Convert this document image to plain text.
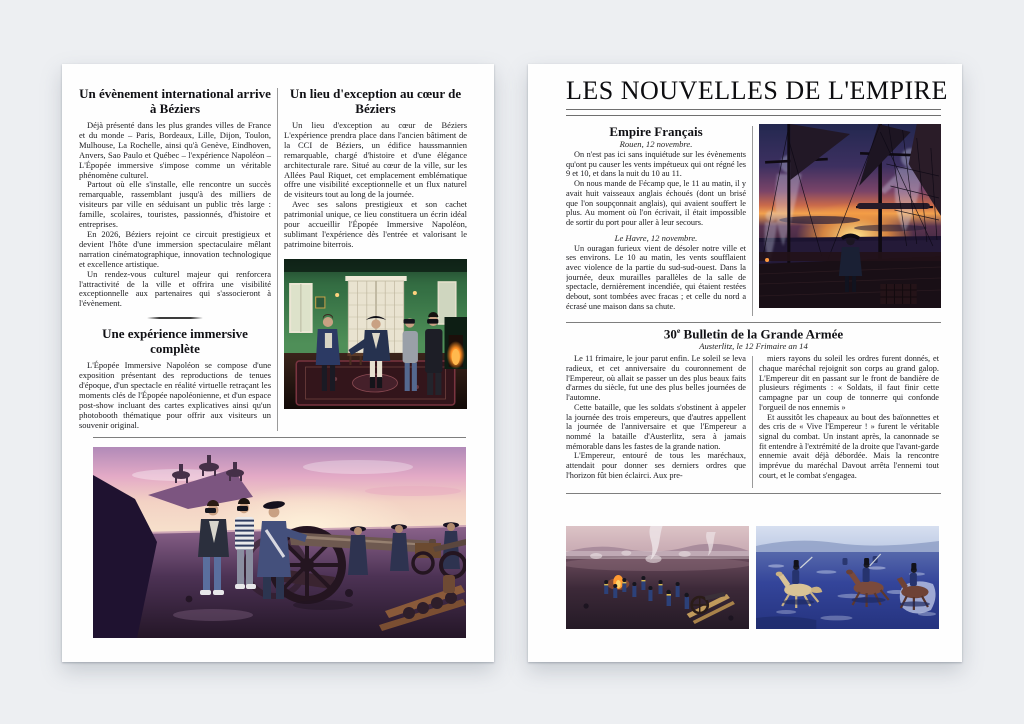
Un évènement international arrive à Béziers

Déjà présenté dans les plus grandes villes de France et du monde – Paris, Bordeaux, Lille, Dijon, Toulon, Mulhouse, La Rochelle, ainsi qu'à Genève, Eindhoven, Anvers, Sao Paulo et Québec – l'expérience Napoléon – L'Épopée immersive s'impose comme un véritable phénomène culturel.

Partout où elle s'installe, elle rencontre un succès remarquable, rassemblant jusqu'à des milliers de visiteurs par ville en séduisant un public très large : famille, scolaires, touristes, passionnés, d'histoire et entreprises.

En 2026, Béziers rejoint ce circuit prestigieux et devient l'hôte d'une immersion spectaculaire mêlant narration cinématographique, innovation technologique et excellence artistique.

Un rendez-vous culturel majeur qui renforcera l'attractivité de la ville et offrira une visibilité exceptionnelle aux partenaires qui s'associeront à l'évènement.

Une expérience immersive complète

L'Épopée Immersive Napoléon se compose d'une exposition présentant des reproductions de tenues d'époque, d'un spectacle en réalité virtuelle retraçant les moments clés de l'Épopée napoléonienne, et d'un espace post-show incluant des cartes explicatives ainsi qu'un photobooth thématique pour offrir aux visiteurs un souvenir original.

Un lieu d'exception au cœur de Béziers

Un lieu d'exception au cœur de Béziers L'expérience prendra place dans l'ancien bâtiment de la CCI de Béziers, un édifice haussmannien remarquable, chargé d'histoire et d'une élégance architecturale rare. Situé au cœur de la ville, sur les Allées Paul Riquet, cet emplacement emblématique offre une visibilité exceptionnelle et un flux naturel de visiteurs tout au long de la journée.

Avec ses salons prestigieux et son cachet patrimonial unique, ce lieu constituera un écrin idéal pour accueillir l'Épopée Immersive Napoléon, sublimant l'expérience dès l'entrée et valorisant le patrimoine biterrois.

LES NOUVELLES DE L'EMPIRE
Empire Français
Rouen, 12 novembre.

On n'est pas ici sans inquiétude sur les évènements qu'ont pu causer les vents impétueux qui ont régné les 9 et 10, et dans la nuit du 10 au 11.

On nous mande de Fécamp que, le 11 au matin, il y avait huit vaisseaux anglais échoués (dont un brisé que l'on soupçonnait anglais), qui avaient souffert le plus. Au moment où l'on écrivait, il était impossible de sortir du port pour aller à leur secours.

Le Havre, 12 novembre.

Un ouragan furieux vient de désoler notre ville et ses environs. Le 10 au matin, les vents soufflaient avec violence de la partie du sud-sud-ouest. Dans la journée, deux murailles parallèles de la salle de spectacle, dernièrement incendiée, qui étaient restées debout, sont tombées avec fracas ; et celle du nord a écrasé une maison dans sa chute.

30e Bulletin de la Grande Armée
Austerlitz, le 12 Frimaire an 14

Le 11 frimaire, le jour parut enfin. Le soleil se leva radieux, et cet anniversaire du couronnement de l'Empereur, où allait se passer un des plus beaux faits d'armes du siècle, fut une des plus belles journées de l'automne.

Cette bataille, que les soldats s'obstinent à appeler la journée des trois empereurs, que d'autres appellent la journée de l'anniversaire et que l'Empereur a nommé la bataille d'Austerlitz, sera à jamais mémorable dans les fastes de la grande nation.

L'Empereur, entouré de tous les maréchaux, attendait pour donner ses derniers ordres que l'horizon fût bien éclairci. Aux pre-

miers rayons du soleil les ordres furent donnés, et chaque maréchal rejoignit son corps au grand galop. L'Empereur dit en passant sur le front de bandière de plusieurs régiments : « Soldats, il faut finir cette campagne par un coup de tonnerre qui confonde l'orgueil de nos ennemis »

Et aussitôt les chapeaux au bout des baïonnettes et des cris de « Vive l'Empereur ! » furent le véritable signal du combat. Un instant après, la canonnade se fit entendre à l'extrémité de la droite que l'avant-garde ennemie avait déjà débordée. Mais la rencontre imprévue du maréchal Davout arrêta l'ennemi tout court, et le combat s'engagea.
